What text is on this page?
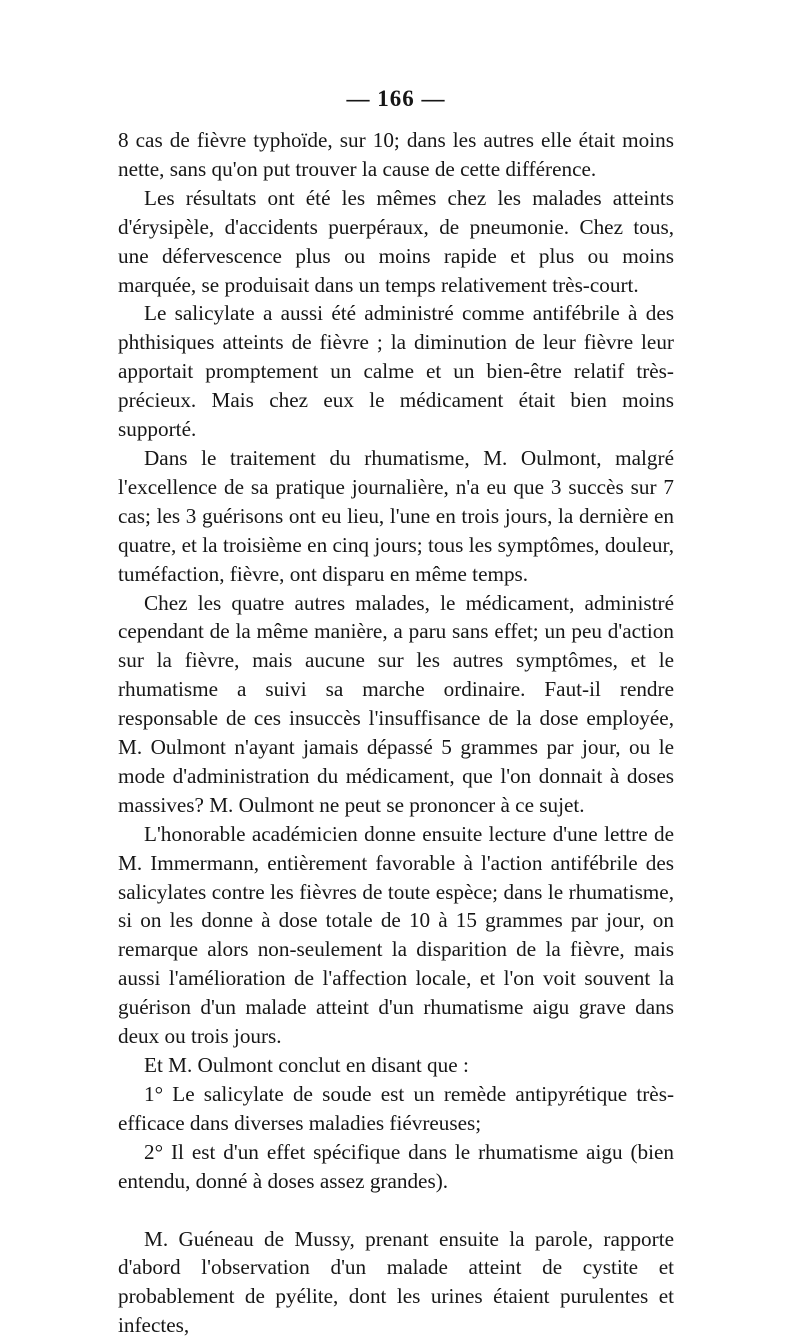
— 166 —

8 cas de fièvre typhoïde, sur 10; dans les autres elle était moins nette, sans qu'on put trouver la cause de cette différence.

Les résultats ont été les mêmes chez les malades atteints d'érysipèle, d'accidents puerpéraux, de pneumonie. Chez tous, une défervescence plus ou moins rapide et plus ou moins marquée, se produisait dans un temps relativement très-court.

Le salicylate a aussi été administré comme antifébrile à des phthisiques atteints de fièvre ; la diminution de leur fièvre leur apportait promptement un calme et un bien-être relatif très-précieux. Mais chez eux le médicament était bien moins supporté.

Dans le traitement du rhumatisme, M. Oulmont, malgré l'excellence de sa pratique journalière, n'a eu que 3 succès sur 7 cas; les 3 guérisons ont eu lieu, l'une en trois jours, la dernière en quatre, et la troisième en cinq jours; tous les symptômes, douleur, tuméfaction, fièvre, ont disparu en même temps.

Chez les quatre autres malades, le médicament, administré cependant de la même manière, a paru sans effet; un peu d'action sur la fièvre, mais aucune sur les autres symptômes, et le rhumatisme a suivi sa marche ordinaire. Faut-il rendre responsable de ces insuccès l'insuffisance de la dose employée, M. Oulmont n'ayant jamais dépassé 5 grammes par jour, ou le mode d'administration du médicament, que l'on donnait à doses massives? M. Oulmont ne peut se prononcer à ce sujet.

L'honorable académicien donne ensuite lecture d'une lettre de M. Immermann, entièrement favorable à l'action antifébrile des salicylates contre les fièvres de toute espèce; dans le rhumatisme, si on les donne à dose totale de 10 à 15 grammes par jour, on remarque alors non-seulement la disparition de la fièvre, mais aussi l'amélioration de l'affection locale, et l'on voit souvent la guérison d'un malade atteint d'un rhumatisme aigu grave dans deux ou trois jours.

Et M. Oulmont conclut en disant que :

1° Le salicylate de soude est un remède antipyrétique très-efficace dans diverses maladies fiévreuses;

2° Il est d'un effet spécifique dans le rhumatisme aigu (bien entendu, donné à doses assez grandes).

M. Guéneau de Mussy, prenant ensuite la parole, rapporte d'abord l'observation d'un malade atteint de cystite et probablement de pyélite, dont les urines étaient purulentes et infectes,
